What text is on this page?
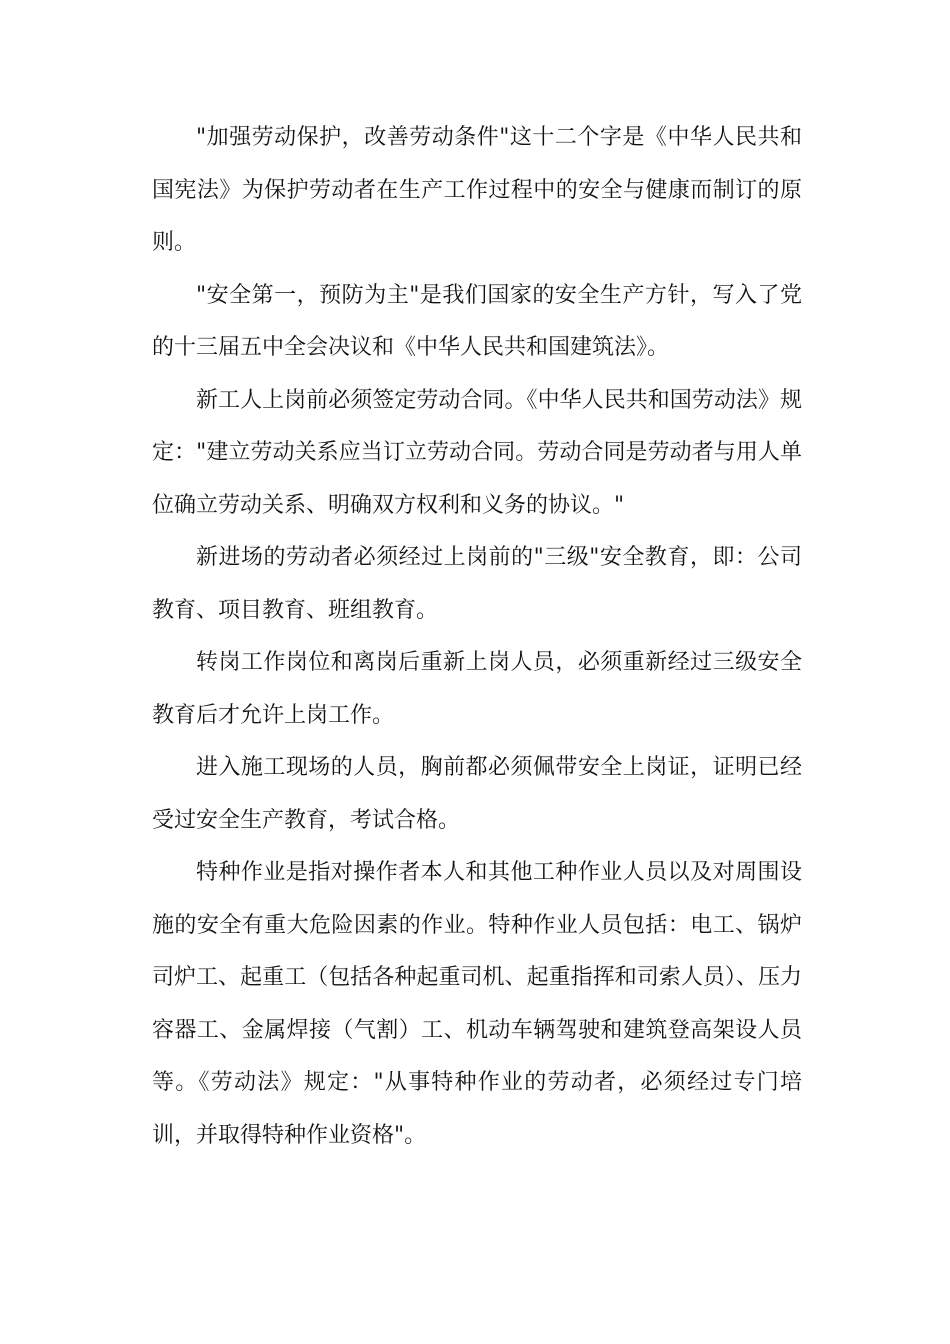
"加强劳动保护，改善劳动条件"这十二个字是《中华人民共和国宪法》为保护劳动者在生产工作过程中的安全与健康而制订的原则。

"安全第一，预防为主"是我们国家的安全生产方针，写入了党的十三届五中全会决议和《中华人民共和国建筑法》。

新工人上岗前必须签定劳动合同。《中华人民共和国劳动法》规定："建立劳动关系应当订立劳动合同。劳动合同是劳动者与用人单位确立劳动关系、明确双方权利和义务的协议。"

新进场的劳动者必须经过上岗前的"三级"安全教育，即：公司教育、项目教育、班组教育。

转岗工作岗位和离岗后重新上岗人员，必须重新经过三级安全教育后才允许上岗工作。

进入施工现场的人员，胸前都必须佩带安全上岗证，证明已经受过安全生产教育，考试合格。

特种作业是指对操作者本人和其他工种作业人员以及对周围设施的安全有重大危险因素的作业。特种作业人员包括：电工、锅炉司炉工、起重工（包括各种起重司机、起重指挥和司索人员）、压力容器工、金属焊接（气割）工、机动车辆驾驶和建筑登高架设人员等。《劳动法》规定："从事特种作业的劳动者，必须经过专门培训，并取得特种作业资格"。
